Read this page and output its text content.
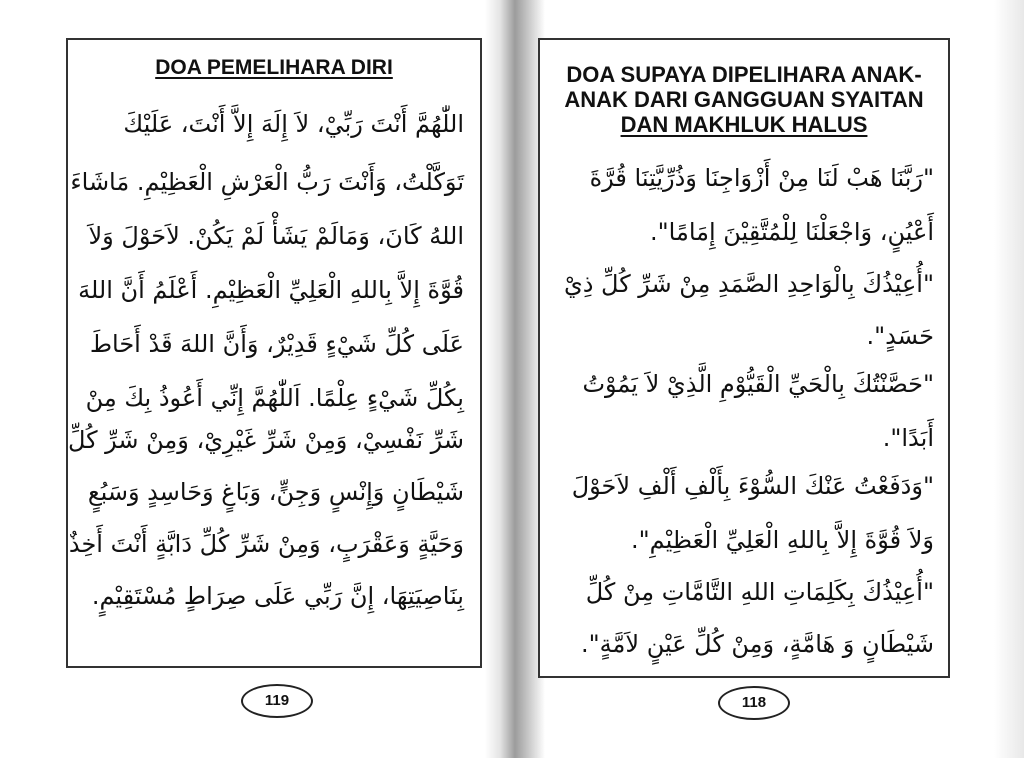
DOA PEMELIHARA DIRI
اللّٰهُمَّ أَنْتَ رَبِّيْ، لاَ إِلَهَ إِلاَّ أَنْتَ، عَلَيْكَ
تَوَكَّلْتُ، وَأَنْتَ رَبُّ الْعَرْشِ الْعَظِيْمِ. مَاشَاءَ
اللهُ كَانَ، وَمَالَمْ يَشَأْ لَمْ يَكُنْ. لاَحَوْلَ وَلاَ
قُوَّةَ إِلاَّ بِاللهِ الْعَلِيِّ الْعَظِيْمِ. أَعْلَمُ أَنَّ اللهَ
عَلَى كُلِّ شَيْءٍ قَدِيْرٌ، وَأَنَّ اللهَ قَدْ أَحَاطَ
بِكُلِّ شَيْءٍ عِلْمًا. اَللّٰهُمَّ إِنِّي أَعُوذُ بِكَ مِنْ
شَرِّ نَفْسِيْ، وَمِنْ شَرِّ غَيْرِيْ، وَمِنْ شَرِّ كُلِّ
شَيْطَانٍ وَإِنْسٍ وَجِنٍّ، وَبَاغٍ وَحَاسِدٍ وَسَبُعٍ
وَحَيَّةٍ وَعَقْرَبٍ، وَمِنْ شَرِّ كُلِّ دَابَّةٍ أَنْتَ أَخِذٌ
بِنَاصِيَتِهَا، إِنَّ رَبِّي عَلَى صِرَاطٍ مُسْتَقِيْمٍ.
119
DOA SUPAYA DIPELIHARA ANAK-
ANAK DARI GANGGUAN SYAITAN
DAN MAKHLUK HALUS
"رَبَّنَا هَبْ لَنَا مِنْ أَزْوَاجِنَا وَذُرِّيَّتِنَا قُرَّةَ
أَعْيُنٍ، وَاجْعَلْنَا لِلْمُتَّقِيْنَ إِمَامًا".
"أُعِيْذُكَ بِالْوَاحِدِ الصَّمَدِ مِنْ شَرِّ كُلِّ ذِيْ
حَسَدٍ".
"حَصَّنْتُكَ بِالْحَيِّ الْقَيُّوْمِ الَّذِيْ لاَ يَمُوْتُ
أَبَدًا".
"وَدَفَعْتُ عَنْكَ السُّوْءَ بِأَلْفِ أَلْفِ لاَحَوْلَ
وَلاَ قُوَّةَ إِلاَّ بِاللهِ الْعَلِيِّ الْعَظِيْمِ".
"أُعِيْذُكَ بِكَلِمَاتِ اللهِ التَّامَّاتِ مِنْ كُلِّ
شَيْطَانٍ وَ هَامَّةٍ، وَمِنْ كُلِّ عَيْنٍ لاَمَّةٍ".
118
